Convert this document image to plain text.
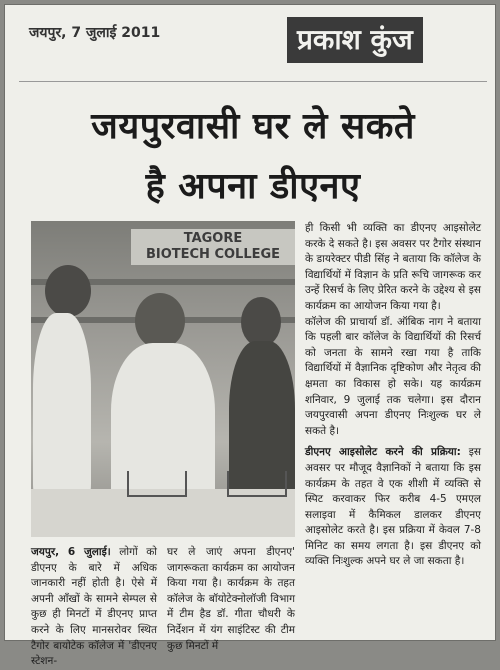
जयपुर, 7 जुलाई 2011	प्रकाश कुंज
जयपुरवासी घर ले सकते
है अपना डीएनए
TAGORE
BIOTECH COLLEGE
ही किसी भी व्यक्ति का डीएनए आइसोलेट करके दे सकते है। इस अवसर पर टैगोर संस्थान के डायरेक्टर पीडी सिंह ने बताया कि कॉलेज के विद्यार्थियों में विज्ञान के प्रति रूचि जागरूक कर उन्हें रिसर्च के लिए प्रेरित करने के उद्देश्य से इस कार्यक्रम का आयोजन किया गया है।
कॉलेज की प्राचार्या डॉ. ऑबिक नाग ने बताया कि पहली बार कॉलेज के विद्यार्थियों की रिसर्च को जनता के सामने रखा गया है ताकि विद्यार्थियों में वैज्ञानिक दृष्टिकोण और नेतृत्व की क्षमता का विकास हो सके। यह कार्यक्रम शनिवार, 9 जुलाई तक चलेगा। इस दौरान जयपुरवासी अपना डीएनए निःशुल्क घर ले सकते है।
डीएनए आइसोलेट करने की प्रक्रिया: इस अवसर पर मौजूद वैज्ञानिकों ने बताया कि इस कार्यक्रम के तहत वे एक शीशी में व्यक्ति से स्पिट करवाकर फिर करीब 4-5 एमएल सलाइवा में कैमिकल डालकर डीएनए आइसोलेट करते है। इस प्रक्रिया में केवल 7-8 मिनिट का समय लगता है। इस डीएनए को व्यक्ति निःशुल्क अपने घर ले जा सकता है।
जयपुर, 6 जुलाई। लोगों को डीएनए के बारे में अधिक जानकारी नहीं होती है। ऐसे में अपनी आँखों के सामने सेम्पल से कुछ ही मिनटों में डीएनए प्राप्त करने के लिए मानसरोवर स्थित टैगोर बायोटेक कॉलेज में 'डीएनए स्टेशन-
घर ले जाएं अपना डीएनए' जागरूकता कार्यक्रम का आयोजन किया गया है। कार्यक्रम के तहत कॉलेज के बॉयोटेक्नोलॉजी विभाग में टीम हैड डॉ. गीता चौधरी के निर्देशन में यंग साइंटिस्ट की टीम कुछ मिनटों में
